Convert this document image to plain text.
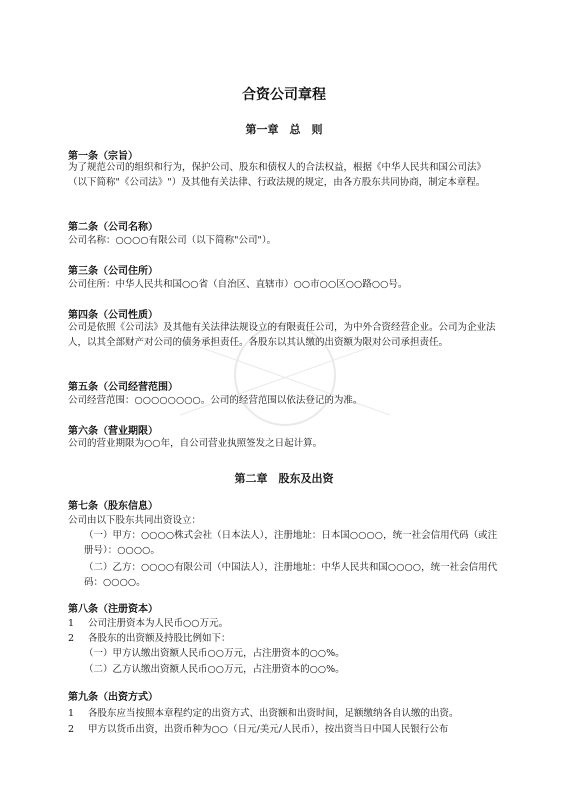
合资公司章程
第一章　总　则
第一条（宗旨）
为了规范公司的组织和行为，保护公司、股东和债权人的合法权益，根据《中华人民共和国公司法》（以下简称"《公司法》"）及其他有关法律、行政法规的规定，由各方股东共同协商，制定本章程。
第二条（公司名称）
公司名称：○○○○有限公司（以下简称"公司"）。
第三条（公司住所）
公司住所：中华人民共和国○○省（自治区、直辖市）○○市○○区○○路○○号。
第四条（公司性质）
公司是依照《公司法》及其他有关法律法规设立的有限责任公司，为中外合资经营企业。公司为企业法人，以其全部财产对公司的债务承担责任。各股东以其认缴的出资额为限对公司承担责任。
第五条（公司经营范围）
公司经营范围：○○○○○○○○。公司的经营范围以依法登记的为准。
第六条（营业期限）
公司的营业期限为○○年，自公司营业执照签发之日起计算。
第二章　股东及出资
第七条（股东信息）
公司由以下股东共同出资设立：
（一）甲方：○○○○株式会社（日本法人），注册地址：日本国○○○○，统一社会信用代码（或注册号）：○○○○。
（二）乙方：○○○○有限公司（中国法人），注册地址：中华人民共和国○○○○，统一社会信用代码：○○○○。
第八条（注册资本）
1 公司注册资本为人民币○○万元。
2 各股东的出资额及持股比例如下：
（一）甲方认缴出资额人民币○○万元，占注册资本的○○%。
（二）乙方认缴出资额人民币○○万元，占注册资本的○○%。
第九条（出资方式）
1 各股东应当按照本章程约定的出资方式、出资额和出资时间，足额缴纳各自认缴的出资。
2 甲方以货币出资，出资币种为○○（日元/美元/人民币），按出资当日中国人民银行公布
